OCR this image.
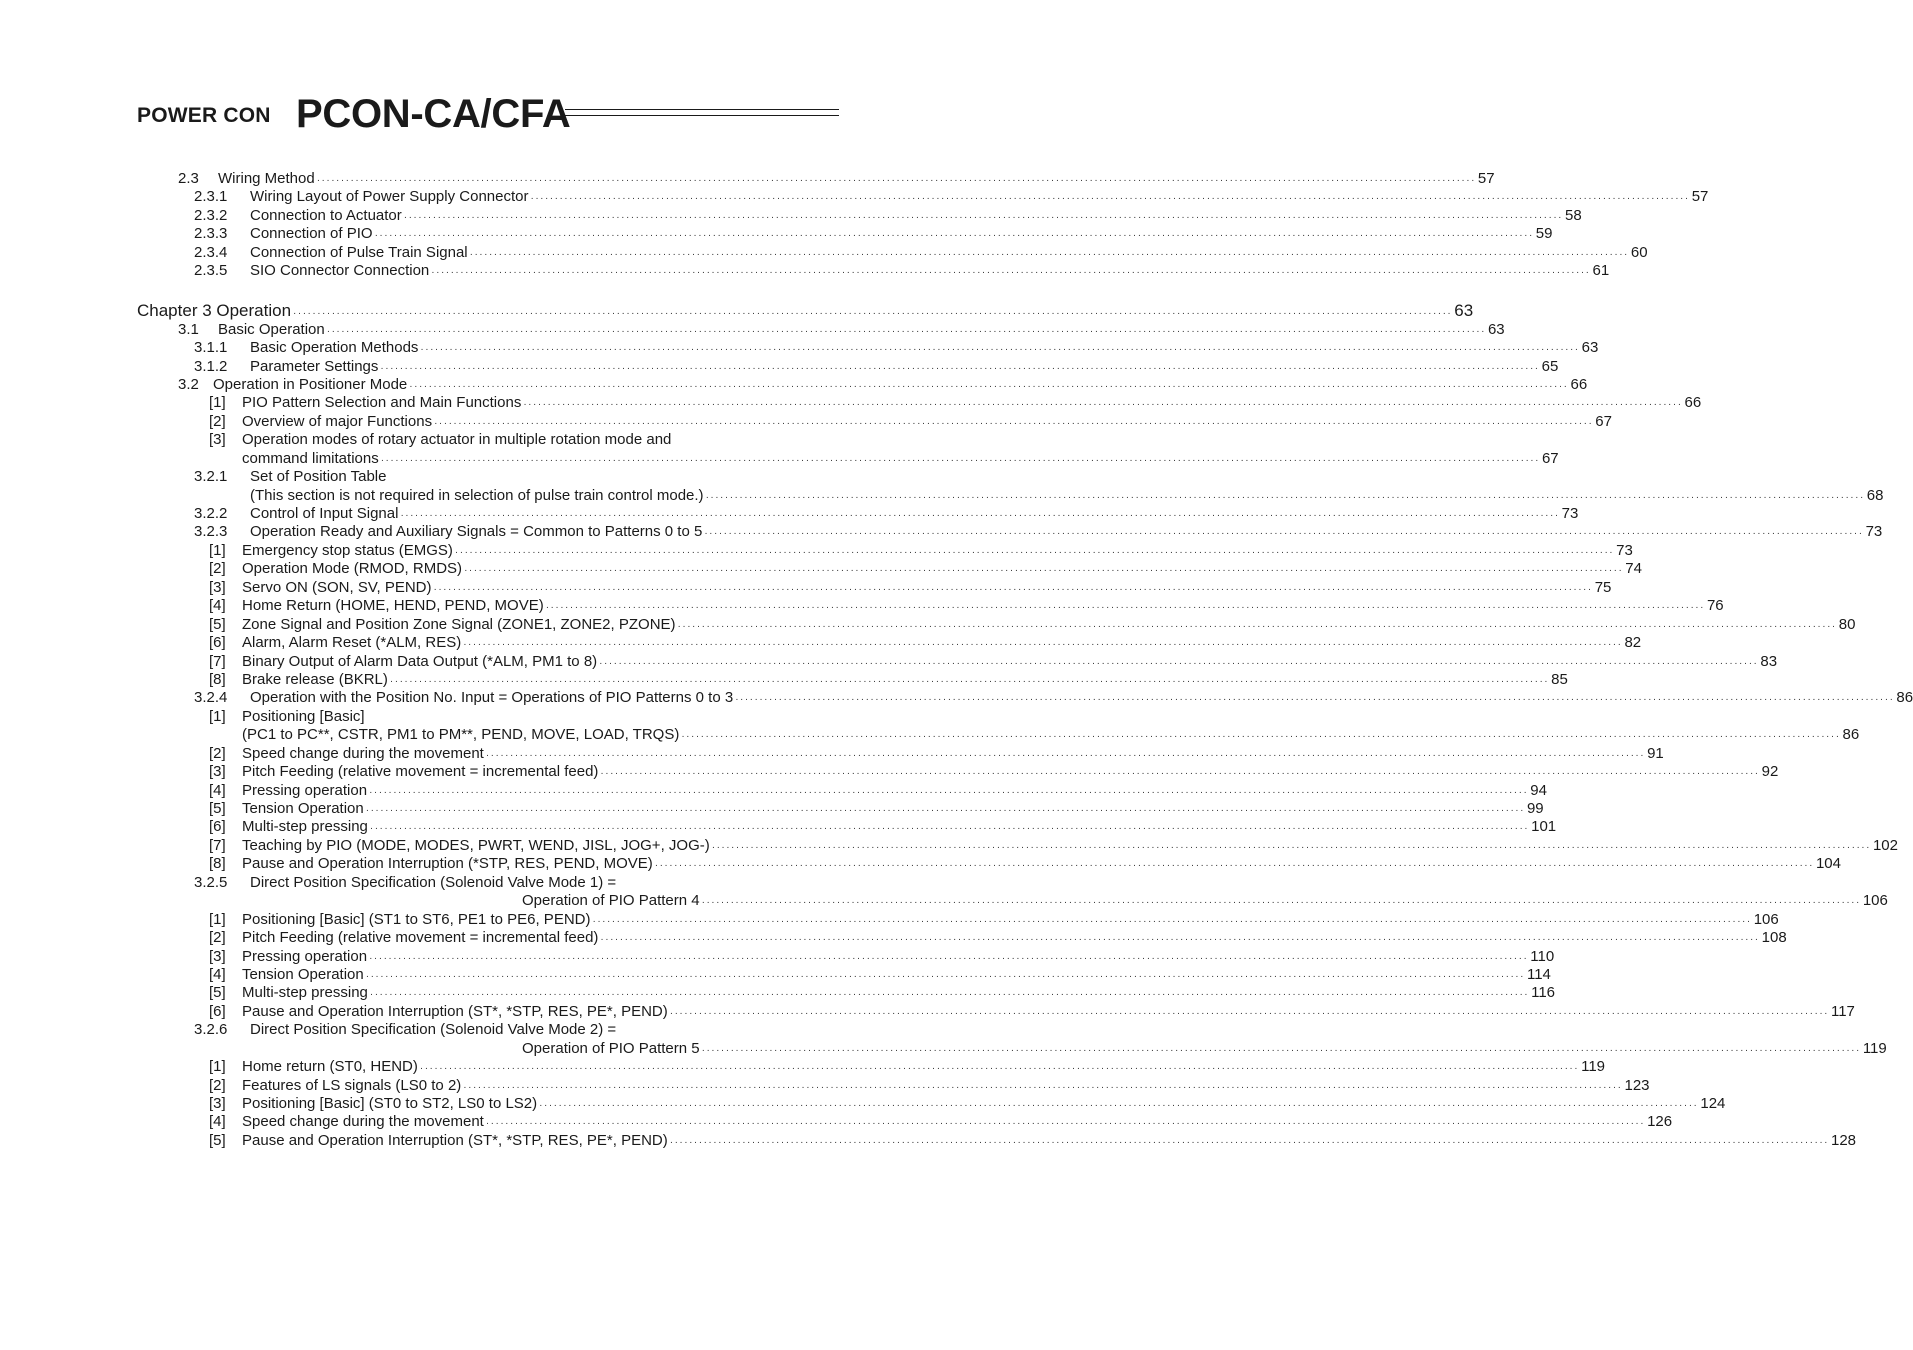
POWER CON PCON-CA/CFA
2.3 Wiring Method ················································································································································································································································ 57
2.3.1 Wiring Layout of Power Supply Connector ················································································································································································································································ 57
2.3.2 Connection to Actuator ················································································································································································································································ 58
2.3.3 Connection of PIO ················································································································································································································································ 59
2.3.4 Connection of Pulse Train Signal ················································································································································································································································ 60
2.3.5 SIO Connector Connection ················································································································································································································································ 61
Chapter 3 Operation ················································································································································································································································ 63
3.1 Basic Operation ················································································································································································································································ 63
3.1.1 Basic Operation Methods ················································································································································································································································ 63
3.1.2 Parameter Settings ················································································································································································································································ 65
3.2 Operation in Positioner Mode ················································································································································································································································ 66
[1] PIO Pattern Selection and Main Functions ················································································································································································································································ 66
[2] Overview of major Functions ················································································································································································································································ 67
[3] Operation modes of rotary actuator in multiple rotation mode and
command limitations ················································································································································································································································ 67
3.2.1 Set of Position Table
(This section is not required in selection of pulse train control mode.) ················································································································································································································································ 68
3.2.2 Control of Input Signal ················································································································································································································································ 73
3.2.3 Operation Ready and Auxiliary Signals = Common to Patterns 0 to 5 ················································································································································································································································ 73
[1] Emergency stop status (EMGS) ················································································································································································································································ 73
[2] Operation Mode (RMOD, RMDS) ················································································································································································································································ 74
[3] Servo ON (SON, SV, PEND) ················································································································································································································································ 75
[4] Home Return (HOME, HEND, PEND, MOVE) ················································································································································································································································ 76
[5] Zone Signal and Position Zone Signal (ZONE1, ZONE2, PZONE) ················································································································································································································································ 80
[6] Alarm, Alarm Reset (*ALM, RES) ················································································································································································································································ 82
[7] Binary Output of Alarm Data Output (*ALM, PM1 to 8) ················································································································································································································································ 83
[8] Brake release (BKRL) ················································································································································································································································ 85
3.2.4 Operation with the Position No. Input = Operations of PIO Patterns 0 to 3 ················································································································································································································································ 86
[1] Positioning [Basic]
(PC1 to PC**, CSTR, PM1 to PM**, PEND, MOVE, LOAD, TRQS) ················································································································································································································································ 86
[2] Speed change during the movement ················································································································································································································································ 91
[3] Pitch Feeding (relative movement = incremental feed) ················································································································································································································································ 92
[4] Pressing operation ················································································································································································································································ 94
[5] Tension Operation ················································································································································································································································ 99
[6] Multi-step pressing ················································································································································································································································ 101
[7] Teaching by PIO (MODE, MODES, PWRT, WEND, JISL, JOG+, JOG-) ················································································································································································································································ 102
[8] Pause and Operation Interruption (*STP, RES, PEND, MOVE) ················································································································································································································································ 104
3.2.5 Direct Position Specification (Solenoid Valve Mode 1) =
Operation of PIO Pattern 4 ················································································································································································································································ 106
[1] Positioning [Basic] (ST1 to ST6, PE1 to PE6, PEND) ················································································································································································································································ 106
[2] Pitch Feeding (relative movement = incremental feed) ················································································································································································································································ 108
[3] Pressing operation ················································································································································································································································ 110
[4] Tension Operation ················································································································································································································································ 114
[5] Multi-step pressing ················································································································································································································································ 116
[6] Pause and Operation Interruption (ST*, *STP, RES, PE*, PEND) ················································································································································································································································ 117
3.2.6 Direct Position Specification (Solenoid Valve Mode 2) =
Operation of PIO Pattern 5 ················································································································································································································································ 119
[1] Home return (ST0, HEND) ················································································································································································································································ 119
[2] Features of LS signals (LS0 to 2) ················································································································································································································································ 123
[3] Positioning [Basic] (ST0 to ST2, LS0 to LS2) ················································································································································································································································ 124
[4] Speed change during the movement ················································································································································································································································ 126
[5] Pause and Operation Interruption (ST*, *STP, RES, PE*, PEND) ················································································································································································································································ 128
